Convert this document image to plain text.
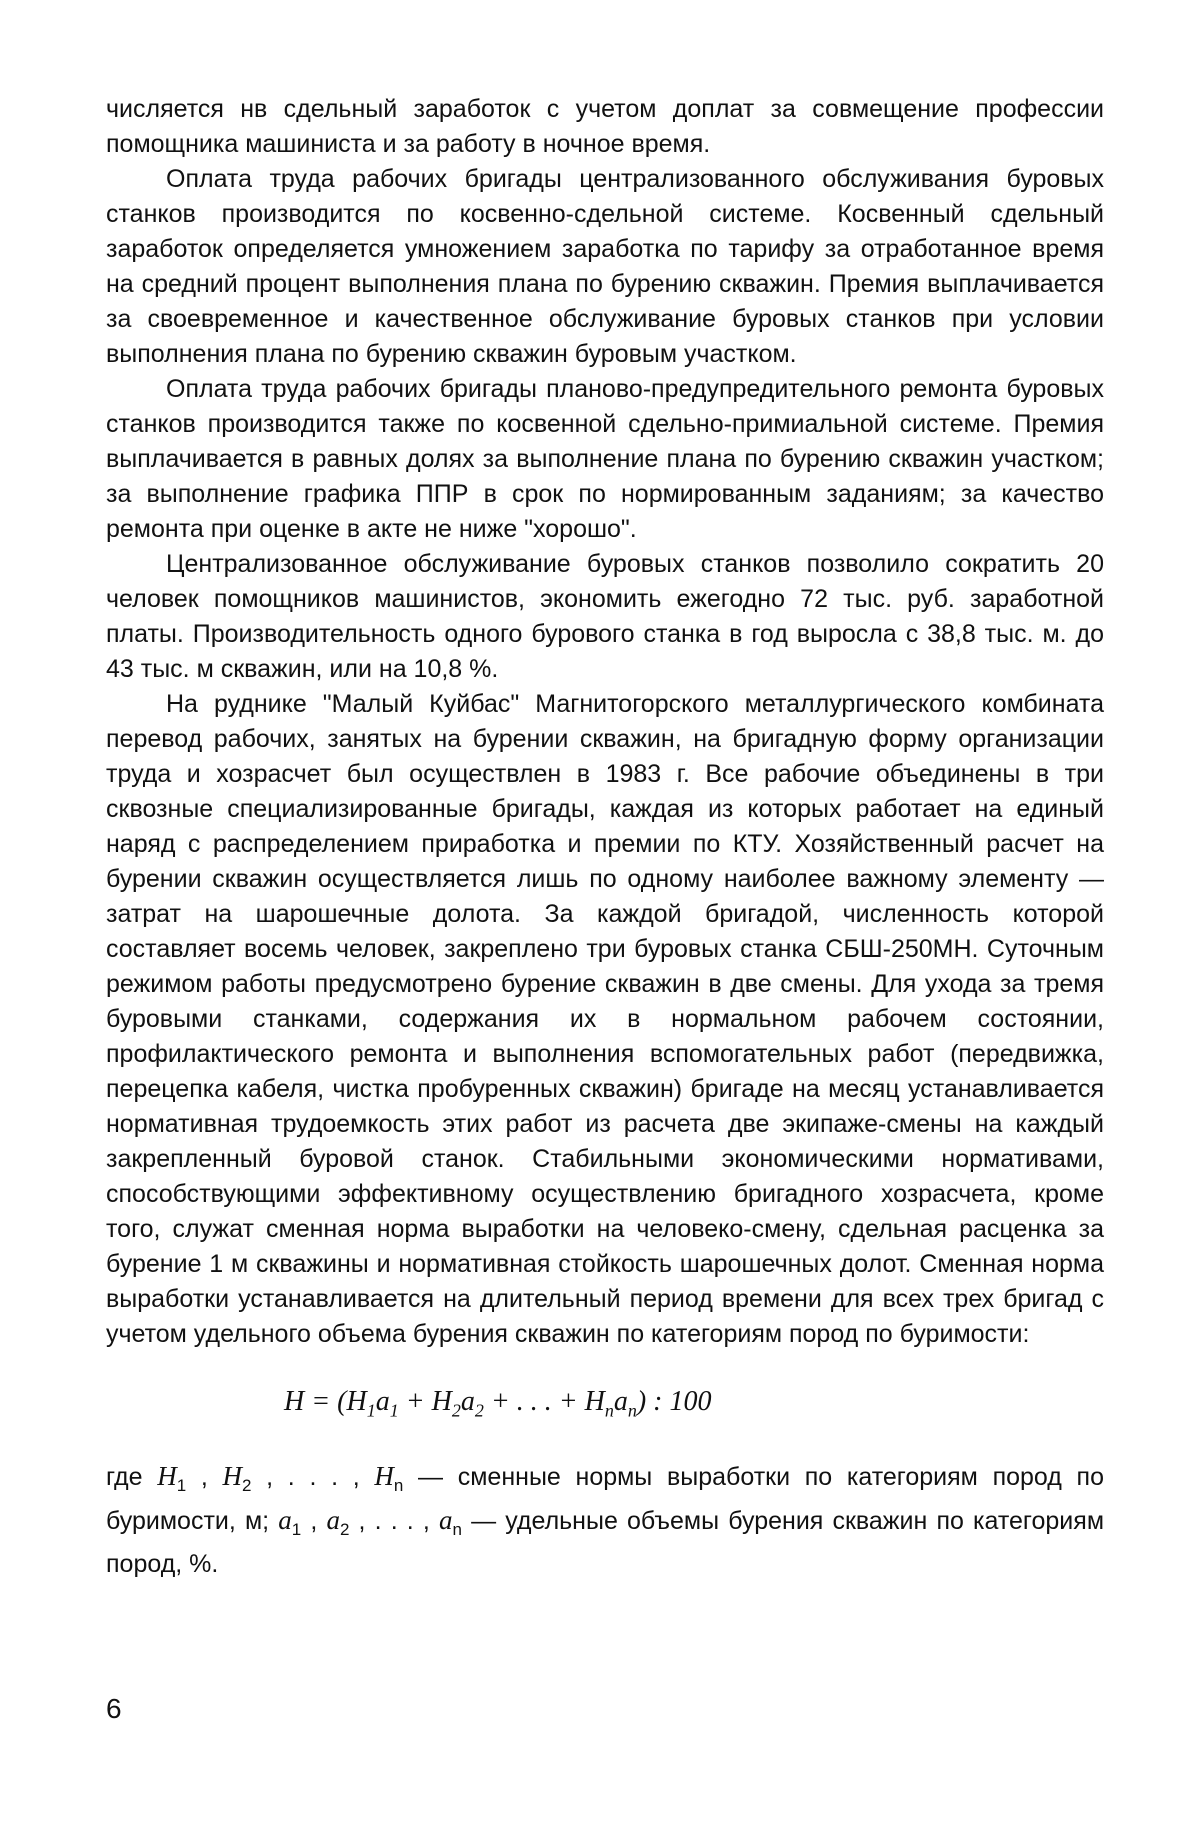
числяется нв сдельный заработок с учетом доплат за совмещение профессии помощника машиниста и за работу в ночное время.

Оплата труда рабочих бригады централизованного обслуживания буровых станков производится по косвенно-сдельной системе. Косвенный сдельный заработок определяется умножением заработка по тарифу за отработанное время на средний процент выполнения плана по бурению скважин. Премия выплачивается за своевременное и качественное обслуживание буровых станков при условии выполнения плана по бурению скважин буровым участком.

Оплата труда рабочих бригады планово-предупредительного ремонта буровых станков производится также по косвенной сдельно-примиальной системе. Премия выплачивается в равных долях за выполнение плана по бурению скважин участком; за выполнение графика ППР в срок по нормированным заданиям; за качество ремонта при оценке в акте не ниже "хорошо".

Централизованное обслуживание буровых станков позволило сократить 20 человек помощников машинистов, экономить ежегодно 72 тыс. руб. заработной платы. Производительность одного бурового станка в год выросла с 38,8 тыс. м. до 43 тыс. м скважин, или на 10,8 %.

На руднике "Малый Куйбас" Магнитогорского металлургического комбината перевод рабочих, занятых на бурении скважин, на бригадную форму организации труда и хозрасчет был осуществлен в 1983 г. Все рабочие объединены в три сквозные специализированные бригады, каждая из которых работает на единый наряд с распределением приработка и премии по КТУ. Хозяйственный расчет на бурении скважин осуществляется лишь по одному наиболее важному элементу — затрат на шарошечные долота. За каждой бригадой, численность которой составляет восемь человек, закреплено три буровых станка СБШ-250МН. Суточным режимом работы предусмотрено бурение скважин в две смены. Для ухода за тремя буровыми станками, содержания их в нормальном рабочем состоянии, профилактического ремонта и выполнения вспомогательных работ (передвижка, перецепка кабеля, чистка пробуренных скважин) бригаде на месяц устанавливается нормативная трудоемкость этих работ из расчета две экипаже-смены на каждый закрепленный буровой станок. Стабильными экономическими нормативами, способствующими эффективному осуществлению бригадного хозрасчета, кроме того, служат сменная норма выработки на человеко-смену, сдельная расценка за бурение 1 м скважины и нормативная стойкость шарошечных долот. Сменная норма выработки устанавливается на длительный период времени для всех трех бригад с учетом удельного объема бурения скважин по категориям пород по буримости:

$H = (H_1a_1 + H_2a_2$ + . . . + $H_na_n$) : 100

где $H_1$ , $H_2$ , . . . , $H_n$ — сменные нормы выработки по категориям пород по буримости, м; $a_1$ , $a_2$ , . . . , $a_n$ — удельные объемы бурения скважин по категориям пород, %.

6
